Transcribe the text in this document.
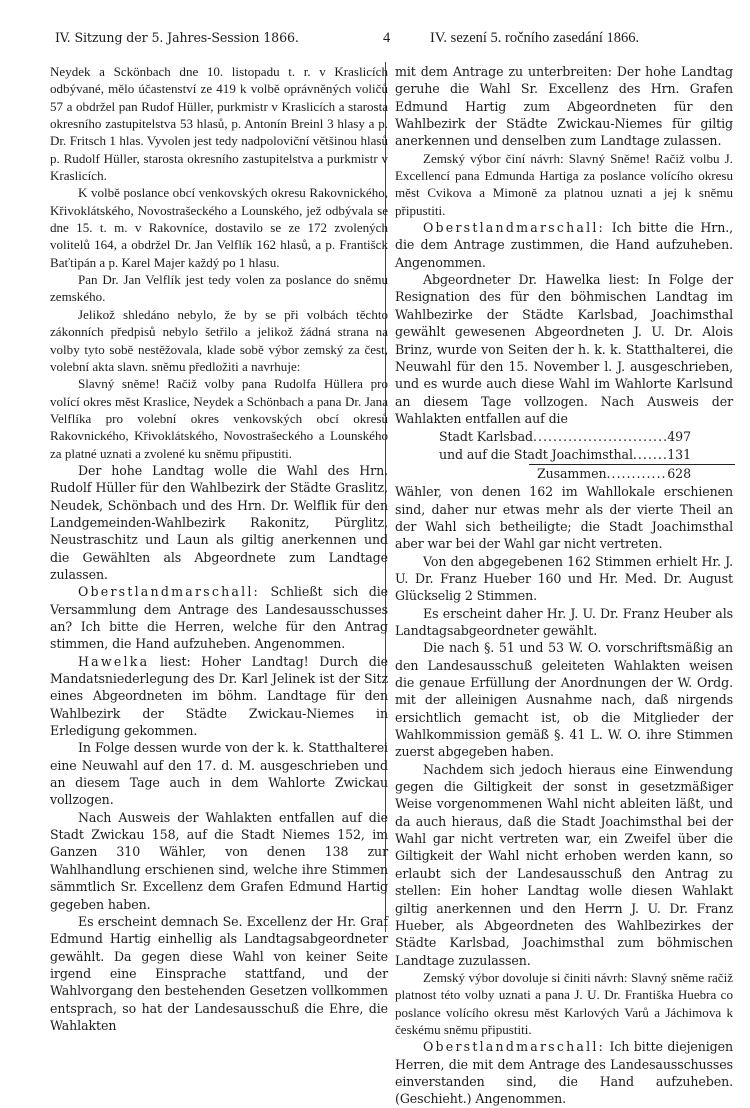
IV. Sitzung der 5. Jahres-Session 1866.	4	IV. sezení 5. ročního zasedání 1866.

Neydek a Sckönbach dne 10. listopadu t. r. v Kraslicích odbývané, mělo účastenství ze 419 k volbě oprávněných voličů 57 a obdržel pan Rudof Hüller, purkmistr v Kraslicích a starosta okresního zastupitelstva 53 hlasů, p. Antonín Breinl 3 hlasy a p. Dr. Fritsch 1 hlas. Vyvolen jest tedy nadpoloviční většinou hlasů p. Rudolf Hüller, starosta okresního zastupitelstva a purkmistr v Kraslicích.

K volbě poslance obcí venkovských okresu Rakovnického, Křivoklátského, Novostrašeckého a Lounského, jež odbývala se dne 15. t. m. v Rakovníce, dostavilo se ze 172 zvolených volitelů 164, a obdržel Dr. Jan Velflík 162 hlasů, a p. Františck Baťtipán a p. Karel Majer každý po 1 hlasu.

Pan Dr. Jan Velflík jest tedy volen za poslance do sněmu zemského.

Jelikož shledáno nebylo, že by se při volbách těchto zákonních předpisů nebylo šetřilo a jelikož žádná strana na volby tyto sobě nestěžovala, klade sobě výbor zemský za čest, volební akta slavn. sněmu předložiti a navrhuje:

Slavný sněme! Račiž volby pana Rudolfa Hüllera pro volící okres měst Kraslice, Neydek a Schönbach a pana Dr. Jana Velflíka pro volební okres venkovských obcí okresů Rakovnického, Křivoklátského, Novostrašeckého a Lounského za platné uznati a zvolené ku sněmu připustiti.

Der hohe Landtag wolle die Wahl des Hrn. Rudolf Hüller für den Wahlbezirk der Städte Graslitz, Neudek, Schönbach und des Hrn. Dr. Welflik für den Landgemeinden-Wahlbezirk Rakonitz, Pürglitz, Neustraschitz und Laun als giltig anerkennen und die Gewählten als Abgeordnete zum Landtage zulassen.

Oberstlandmarschall: Schließt sich die Versammlung dem Antrage des Landesausschusses an? Ich bitte die Herren, welche für den Antrag stimmen, die Hand aufzuheben. Angenommen.

Hawelka liest: Hoher Landtag! Durch die Mandatsniederlegung des Dr. Karl Jelinek ist der Sitz eines Abgeordneten im böhm. Landtage für den Wahlbezirk der Städte Zwickau-Niemes in Erledigung gekommen.

In Folge dessen wurde von der k. k. Statthalterei eine Neuwahl auf den 17. d. M. ausgeschrieben und an diesem Tage auch in dem Wahlorte Zwickau vollzogen.

Nach Ausweis der Wahlakten entfallen auf die Stadt Zwickau 158, auf die Stadt Niemes 152, im Ganzen 310 Wähler, von denen 138 zur Wahlhandlung erschienen sind, welche ihre Stimmen sämmtlich Sr. Excellenz dem Grafen Edmund Hartig gegeben haben.

Es erscheint demnach Se. Excellenz der Hr. Graf Edmund Hartig einhellig als Landtagsabgeordneter gewählt. Da gegen diese Wahl von keiner Seite irgend eine Einsprache stattfand, und der Wahlvorgang den bestehenden Gesetzen vollkommen entsprach, so hat der Landesausschuß die Ehre, die Wahlakten

mit dem Antrage zu unterbreiten: Der hohe Landtag geruhe die Wahl Sr. Excellenz des Hrn. Grafen Edmund Hartig zum Abgeordneten für den Wahlbezirk der Städte Zwickau-Niemes für giltig anerkennen und denselben zum Landtage zulassen.

Zemský výbor činí návrh: Slavný Sněme! Račiž volbu J. Excellencí pana Edmunda Hartiga za poslance volícího okresu měst Cvikova a Mimoně za platnou uznati a jej k sněmu připustiti.

Oberstlandmarschall: Ich bitte die Hrn., die dem Antrage zustimmen, die Hand aufzuheben. Angenommen.

Abgeordneter Dr. Hawelka liest: In Folge der Resignation des für den böhmischen Landtag im Wahlbezirke der Städte Karlsbad, Joachimsthal gewählt gewesenen Abgeordneten J. U. Dr. Alois Brinz, wurde von Seiten der h. k. k. Statthalterei, die Neuwahl für den 15. November l. J. ausgeschrieben, und es wurde auch diese Wahl im Wahlorte Karlsund an diesem Tage vollzogen. Nach Ausweis der Wahlakten entfallen auf die

Stadt Karlsbad .....	497
und auf die Stadt Joachimsthal .....	131
Zusammen .....	628

Wähler, von denen 162 im Wahllokale erschienen sind, daher nur etwas mehr als der vierte Theil an der Wahl sich betheiligte; die Stadt Joachimsthal aber war bei der Wahl gar nicht vertreten.

Von den abgegebenen 162 Stimmen erhielt Hr. J. U. Dr. Franz Hueber 160 und Hr. Med. Dr. August Glückselig 2 Stimmen.

Es erscheint daher Hr. J. U. Dr. Franz Heuber als Landtagsabgeordneter gewählt.

Die nach §. 51 und 53 W. O. vorschriftsmäßig an den Landesausschuß geleiteten Wahlakten weisen die genaue Erfüllung der Anordnungen der W. Ordg. mit der alleinigen Ausnahme nach, daß nirgends ersichtlich gemacht ist, ob die Mitglieder der Wahlkommission gemäß §. 41 L. W. O. ihre Stimmen zuerst abgegeben haben.

Nachdem sich jedoch hieraus eine Einwendung gegen die Giltigkeit der sonst in gesetzmäßiger Weise vorgenommenen Wahl nicht ableiten läßt, und da auch hieraus, daß die Stadt Joachimsthal bei der Wahl gar nicht vertreten war, ein Zweifel über die Giltigkeit der Wahl nicht erhoben werden kann, so erlaubt sich der Landesausschuß den Antrag zu stellen: Ein hoher Landtag wolle diesen Wahlakt giltig anerkennen und den Herrn J. U. Dr. Franz Hueber, als Abgeordneten des Wahlbezirkes der Städte Karlsbad, Joachimsthal zum böhmischen Landtage zuzulassen.

Zemský výbor dovoluje si činiti návrh: Slavný sněme račiž platnost této volby uznati a pana J. U. Dr. Františka Huebra co poslance volícího okresu měst Karlových Varů a Jáchimova k českému sněmu připustiti.

Oberstlandmarschall: Ich bitte diejenigen Herren, die mit dem Antrage des Landesausschusses einverstanden sind, die Hand aufzuheben. (Geschieht.) Angenommen.
